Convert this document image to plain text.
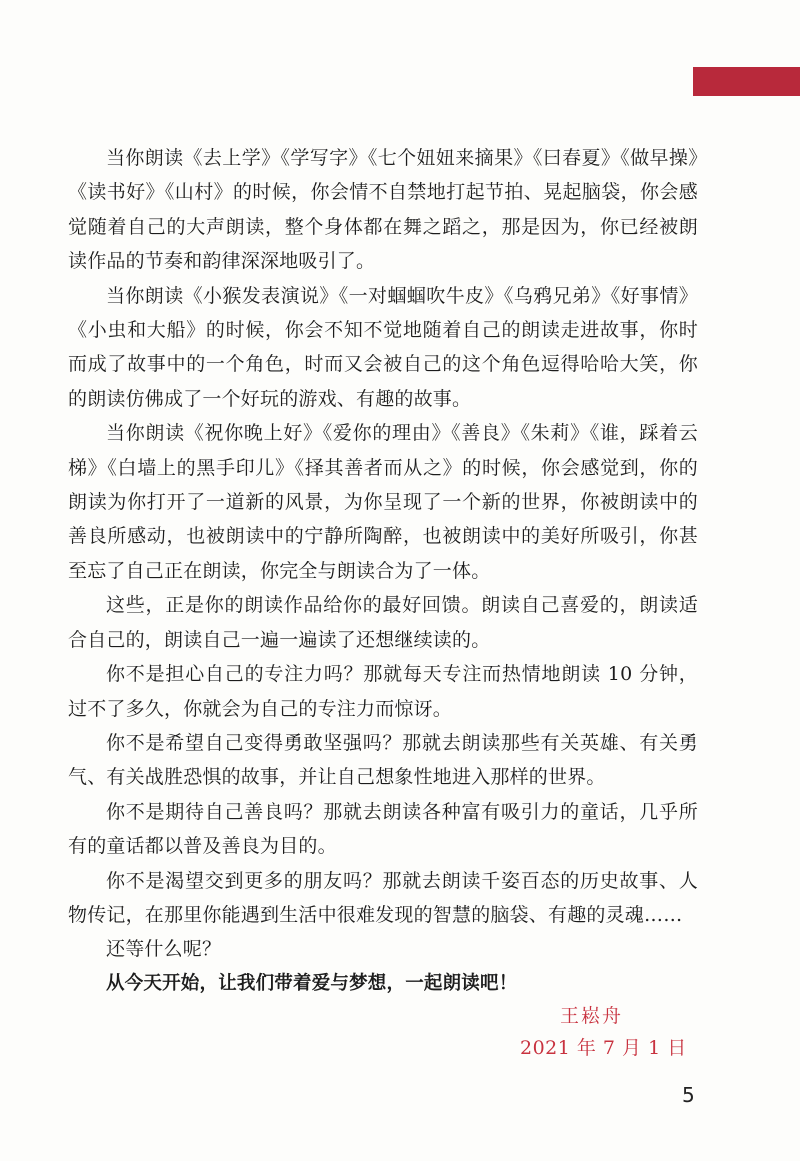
当你朗读《去上学》《学写字》《七个妞妞来摘果》《曰春夏》《做早操》《读书好》《山村》的时候，你会情不自禁地打起节拍、晃起脑袋，你会感觉随着自己的大声朗读，整个身体都在舞之蹈之，那是因为，你已经被朗读作品的节奏和韵律深深地吸引了。

当你朗读《小猴发表演说》《一对蝈蝈吹牛皮》《乌鸦兄弟》《好事情》《小虫和大船》的时候，你会不知不觉地随着自己的朗读走进故事，你时而成了故事中的一个角色，时而又会被自己的这个角色逗得哈哈大笑，你的朗读仿佛成了一个好玩的游戏、有趣的故事。

当你朗读《祝你晚上好》《爱你的理由》《善良》《朱莉》《谁，踩着云梯》《白墙上的黑手印儿》《择其善者而从之》的时候，你会感觉到，你的朗读为你打开了一道新的风景，为你呈现了一个新的世界，你被朗读中的善良所感动，也被朗读中的宁静所陶醉，也被朗读中的美好所吸引，你甚至忘了自己正在朗读，你完全与朗读合为了一体。

这些，正是你的朗读作品给你的最好回馈。朗读自己喜爱的，朗读适合自己的，朗读自己一遍一遍读了还想继续读的。

你不是担心自己的专注力吗？那就每天专注而热情地朗读 10 分钟，过不了多久，你就会为自己的专注力而惊讶。

你不是希望自己变得勇敢坚强吗？那就去朗读那些有关英雄、有关勇气、有关战胜恐惧的故事，并让自己想象性地进入那样的世界。

你不是期待自己善良吗？那就去朗读各种富有吸引力的童话，几乎所有的童话都以普及善良为目的。

你不是渴望交到更多的朋友吗？那就去朗读千姿百态的历史故事、人物传记，在那里你能遇到生活中很难发现的智慧的脑袋、有趣的灵魂……

还等什么呢？

从今天开始，让我们带着爱与梦想，一起朗读吧！

王崧舟
2021 年 7 月 1 日
5
